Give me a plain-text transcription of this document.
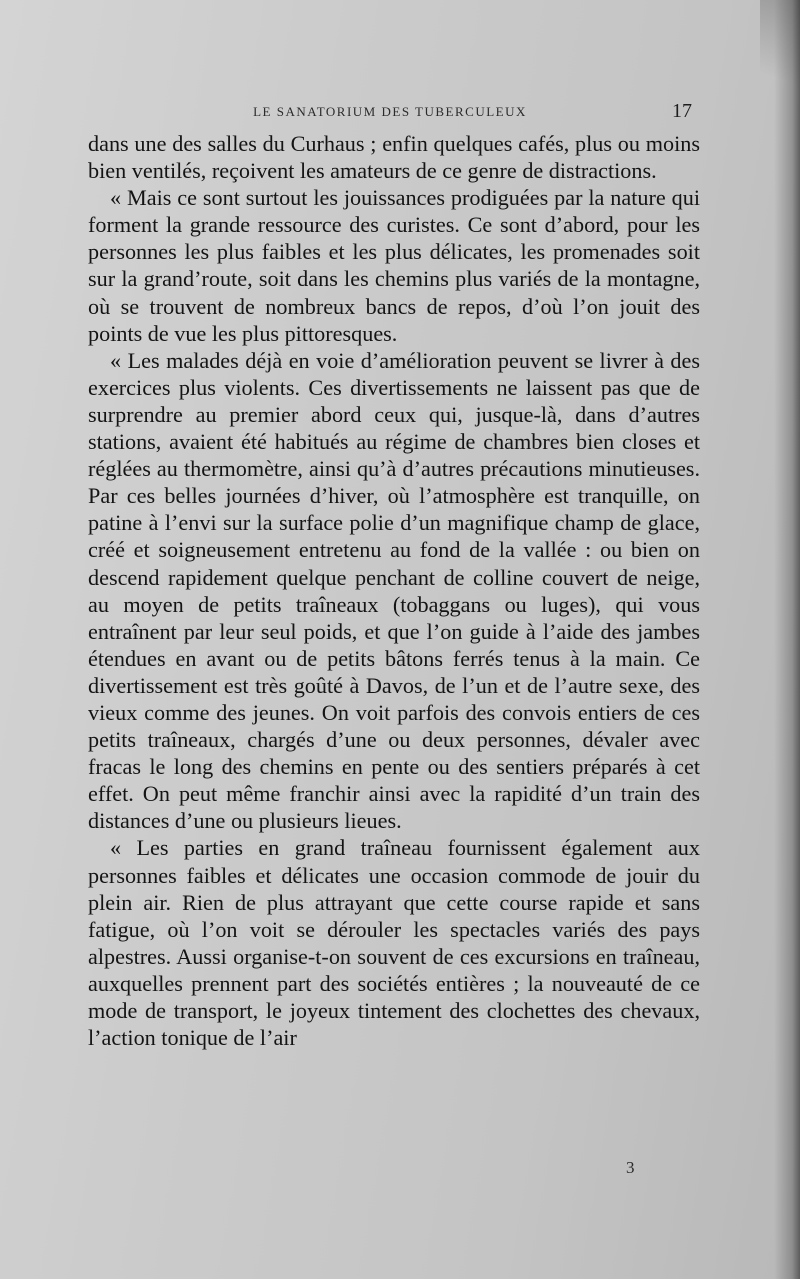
LE SANATORIUM DES TUBERCULEUX	17

dans une des salles du Curhaus ; enfin quelques cafés, plus ou moins bien ventilés, reçoivent les amateurs de ce genre de distractions.

« Mais ce sont surtout les jouissances prodiguées par la nature qui forment la grande ressource des curistes. Ce sont d’abord, pour les personnes les plus faibles et les plus délicates, les promenades soit sur la grand’route, soit dans les chemins plus variés de la montagne, où se trouvent de nombreux bancs de repos, d’où l’on jouit des points de vue les plus pittoresques.

« Les malades déjà en voie d’amélioration peuvent se livrer à des exercices plus violents. Ces divertissements ne laissent pas que de surprendre au premier abord ceux qui, jusque-là, dans d’autres stations, avaient été habitués au régime de chambres bien closes et réglées au thermomètre, ainsi qu’à d’autres précautions minutieuses. Par ces belles journées d’hiver, où l’atmosphère est tranquille, on patine à l’envi sur la surface polie d’un magnifique champ de glace, créé et soigneusement entretenu au fond de la vallée : ou bien on descend rapidement quelque penchant de colline couvert de neige, au moyen de petits traîneaux (tobaggans ou luges), qui vous entraînent par leur seul poids, et que l’on guide à l’aide des jambes étendues en avant ou de petits bâtons ferrés tenus à la main. Ce divertissement est très goûté à Davos, de l’un et de l’autre sexe, des vieux comme des jeunes. On voit parfois des convois entiers de ces petits traîneaux, chargés d’une ou deux personnes, dévaler avec fracas le long des chemins en pente ou des sentiers préparés à cet effet. On peut même franchir ainsi avec la rapidité d’un train des distances d’une ou plusieurs lieues.

« Les parties en grand traîneau fournissent également aux personnes faibles et délicates une occasion commode de jouir du plein air. Rien de plus attrayant que cette course rapide et sans fatigue, où l’on voit se dérouler les spectacles variés des pays alpestres. Aussi organise-t-on souvent de ces excursions en traîneau, auxquelles prennent part des sociétés entières ; la nouveauté de ce mode de transport, le joyeux tintement des clochettes des chevaux, l’action tonique de l’air

3
